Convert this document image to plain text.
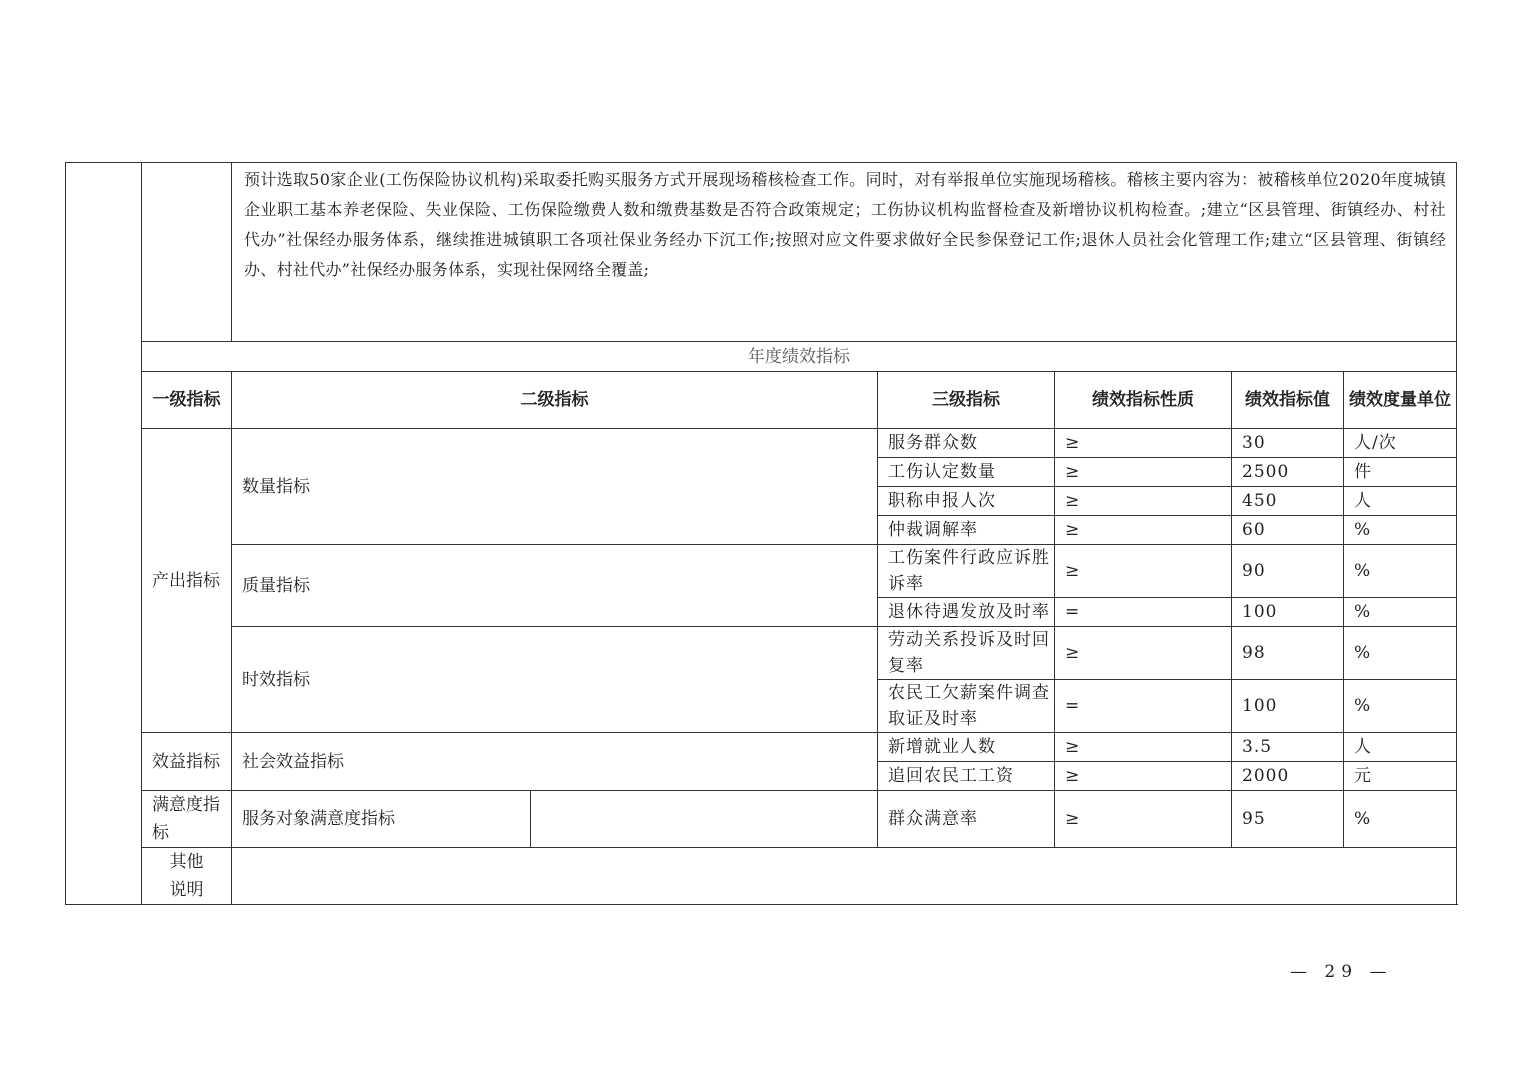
		预计选取50家企业(工伤保险协议机构)采取委托购买服务方式开展现场稽核检查工作。同时，对有举报单位实施现场稽核。稽核主要内容为：被稽核单位2020年度城镇企业职工基本养老保险、失业保险、工伤保险缴费人数和缴费基数是否符合政策规定；工伤协议机构监督检查及新增协议机构检查。;建立“区县管理、街镇经办、村社代办”社保经办服务体系，继续推进城镇职工各项社保业务经办下沉工作;按照对应文件要求做好全民参保登记工作;退休人员社会化管理工作;建立“区县管理、街镇经办、村社代办”社保经办服务体系，实现社保网络全覆盖;						
	年度绩效指标							
	一级指标	二级指标		三级指标	绩效指标性质	绩效指标值	绩效度量单位	
	产出指标	数量指标		服务群众数	≥	30	人/次	
				工伤认定数量	≥	2500	件	
				职称申报人次	≥	450	人	
				仲裁调解率	≥	60	%	
		质量指标		工伤案件行政应诉胜诉率	≥	90	%	
				退休待遇发放及时率	=	100	%	
		时效指标		劳动关系投诉及时回复率	≥	98	%	
				农民工欠薪案件调查取证及时率	=	100	%	
	效益指标	社会效益指标		新增就业人数	≥	3.5	人	
				追回农民工工资	≥	2000	元	
	满意度指标	服务对象满意度指标		群众满意率	≥	95	%	
	其他说明							
— 29 —
